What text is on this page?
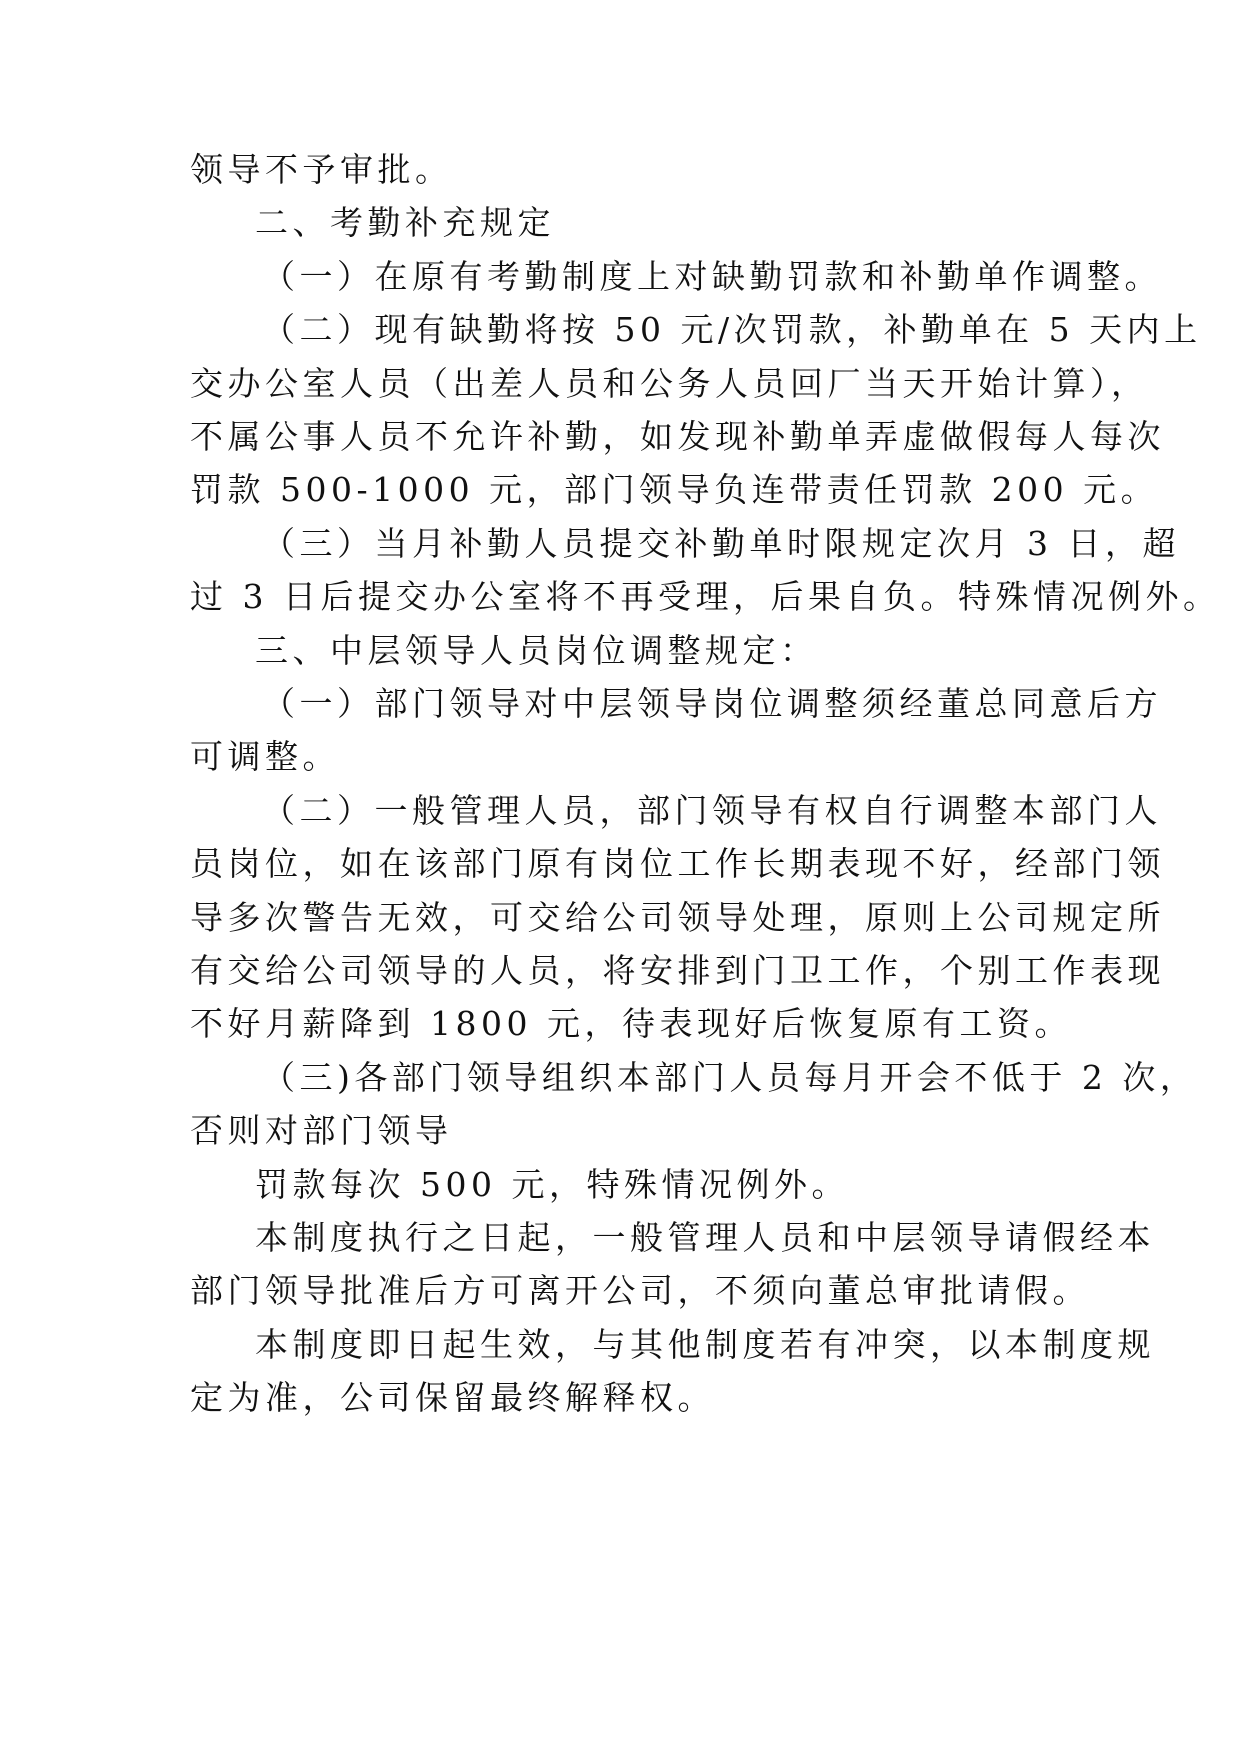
领导不予审批。
二、考勤补充规定
（一）在原有考勤制度上对缺勤罚款和补勤单作调整。
（二）现有缺勤将按 50 元/次罚款，补勤单在 5 天内上
交办公室人员（出差人员和公务人员回厂当天开始计算），
不属公事人员不允许补勤，如发现补勤单弄虚做假每人每次
罚款 500-1000 元，部门领导负连带责任罚款 200 元。
（三）当月补勤人员提交补勤单时限规定次月 3 日，超
过 3 日后提交办公室将不再受理，后果自负。特殊情况例外。
三、中层领导人员岗位调整规定：
（一）部门领导对中层领导岗位调整须经董总同意后方
可调整。
（二）一般管理人员，部门领导有权自行调整本部门人
员岗位，如在该部门原有岗位工作长期表现不好，经部门领
导多次警告无效，可交给公司领导处理，原则上公司规定所
有交给公司领导的人员，将安排到门卫工作，个别工作表现
不好月薪降到 1800 元，待表现好后恢复原有工资。
（三)各部门领导组织本部门人员每月开会不低于 2 次，
否则对部门领导
罚款每次 500 元，特殊情况例外。
本制度执行之日起，一般管理人员和中层领导请假经本
部门领导批准后方可离开公司，不须向董总审批请假。
本制度即日起生效，与其他制度若有冲突，以本制度规
定为准，公司保留最终解释权。
